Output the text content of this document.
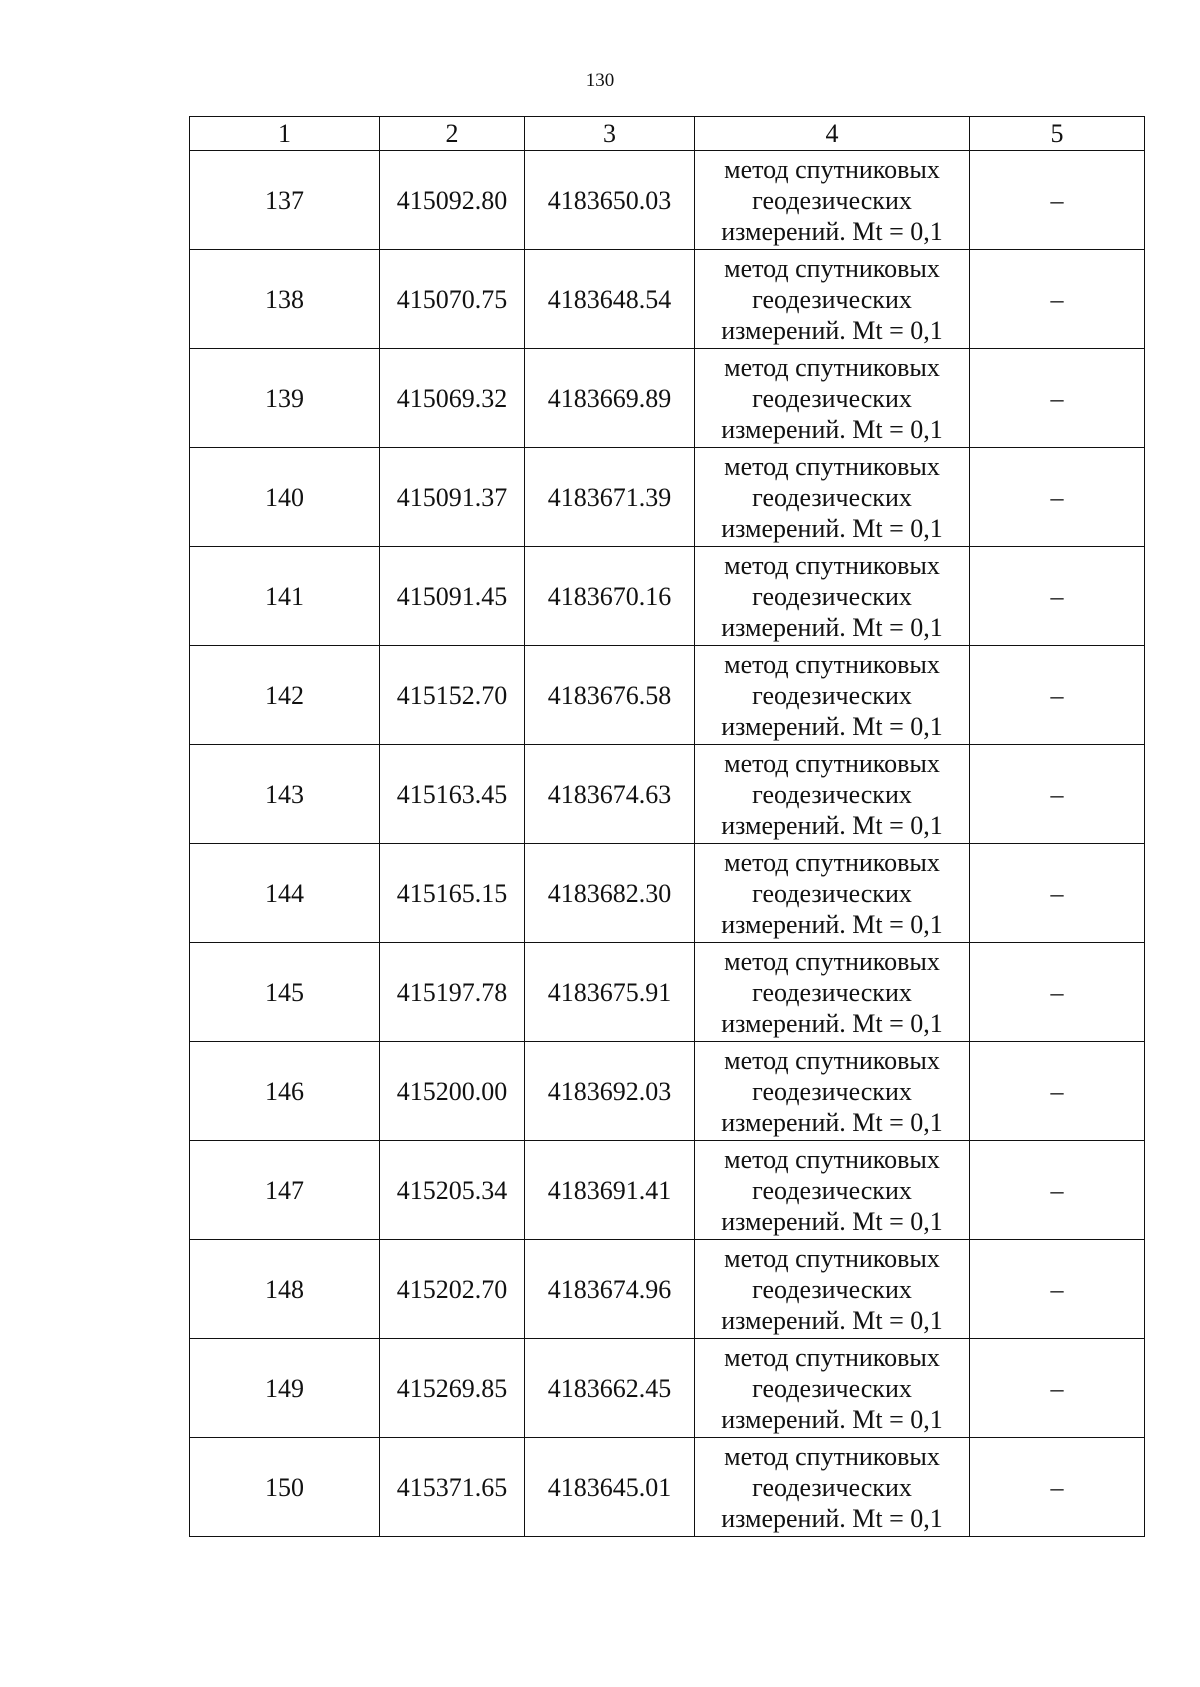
130
1	2	3	4	5
137	415092.80	4183650.03	метод спутниковых
геодезических
измерений. Mt = 0,1	–
138	415070.75	4183648.54	метод спутниковых
геодезических
измерений. Mt = 0,1	–
139	415069.32	4183669.89	метод спутниковых
геодезических
измерений. Mt = 0,1	–
140	415091.37	4183671.39	метод спутниковых
геодезических
измерений. Mt = 0,1	–
141	415091.45	4183670.16	метод спутниковых
геодезических
измерений. Mt = 0,1	–
142	415152.70	4183676.58	метод спутниковых
геодезических
измерений. Mt = 0,1	–
143	415163.45	4183674.63	метод спутниковых
геодезических
измерений. Mt = 0,1	–
144	415165.15	4183682.30	метод спутниковых
геодезических
измерений. Mt = 0,1	–
145	415197.78	4183675.91	метод спутниковых
геодезических
измерений. Mt = 0,1	–
146	415200.00	4183692.03	метод спутниковых
геодезических
измерений. Mt = 0,1	–
147	415205.34	4183691.41	метод спутниковых
геодезических
измерений. Mt = 0,1	–
148	415202.70	4183674.96	метод спутниковых
геодезических
измерений. Mt = 0,1	–
149	415269.85	4183662.45	метод спутниковых
геодезических
измерений. Mt = 0,1	–
150	415371.65	4183645.01	метод спутниковых
геодезических
измерений. Mt = 0,1	–
